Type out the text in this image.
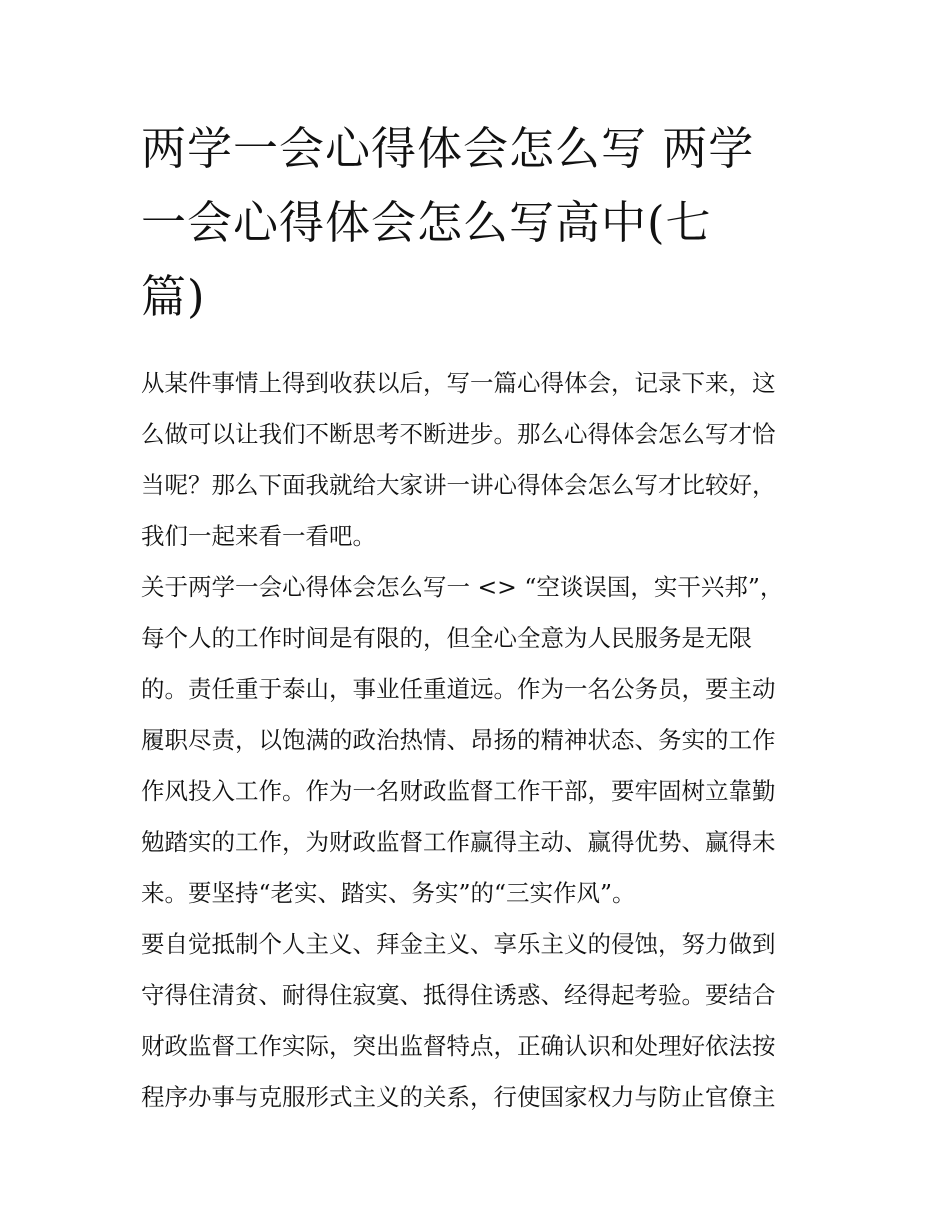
两学一会心得体会怎么写 两学
一会心得体会怎么写高中(七
篇)

从某件事情上得到收获以后，写一篇心得体会，记录下来，这
么做可以让我们不断思考不断进步。那么心得体会怎么写才恰
当呢？那么下面我就给大家讲一讲心得体会怎么写才比较好，
我们一起来看一看吧。

关于两学一会心得体会怎么写一 <> “空谈误国，实干兴邦”，
每个人的工作时间是有限的，但全心全意为人民服务是无限
的。责任重于泰山，事业任重道远。作为一名公务员，要主动
履职尽责，以饱满的政治热情、昂扬的精神状态、务实的工作
作风投入工作。作为一名财政监督工作干部，要牢固树立靠勤
勉踏实的工作，为财政监督工作赢得主动、赢得优势、赢得未
来。要坚持“老实、踏实、务实”的“三实作风”。

要自觉抵制个人主义、拜金主义、享乐主义的侵蚀，努力做到
守得住清贫、耐得住寂寞、抵得住诱惑、经得起考验。要结合
财政监督工作实际，突出监督特点，正确认识和处理好依法按
程序办事与克服形式主义的关系，行使国家权力与防止官僚主
